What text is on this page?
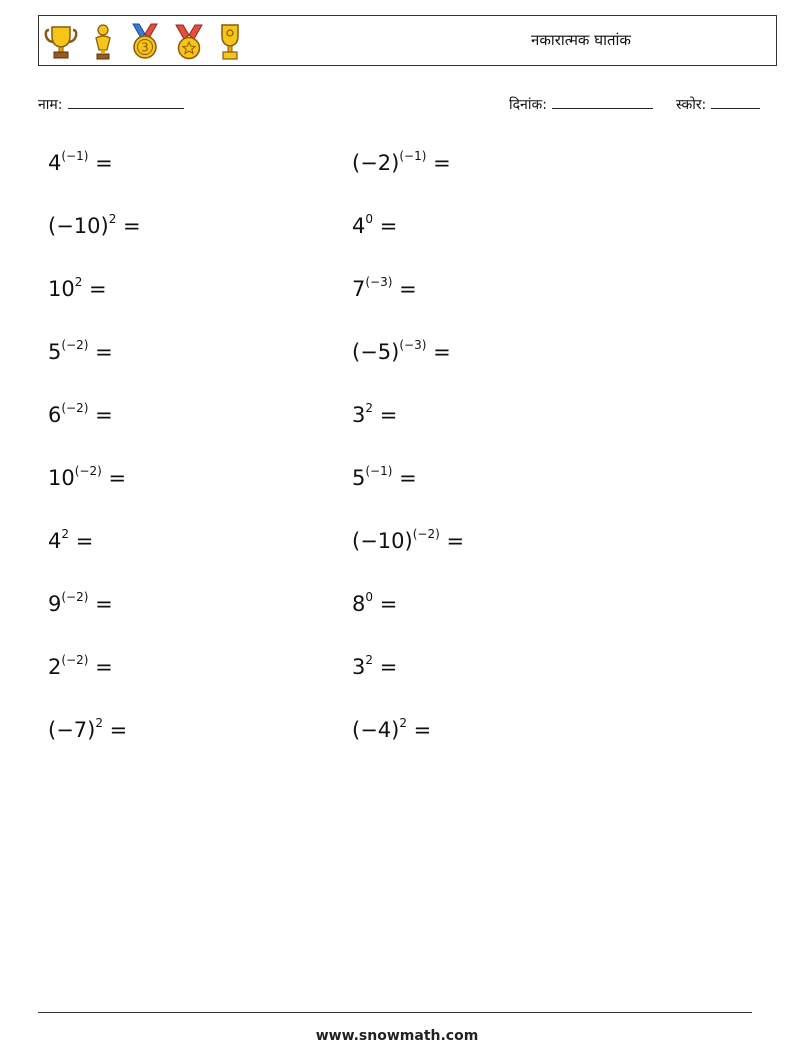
3	नकारात्मक घातांक
नाम:	दिनांक:	स्कोर:
$4^{(-1)}$ =	$(-2)^{(-1)}$ =
$(-10)^2$ =	$4^0$ =
$10^2$ =	$7^{(-3)}$ =
$5^{(-2)}$ =	$(-5)^{(-3)}$ =
$6^{(-2)}$ =	$3^2$ =
$10^{(-2)}$ =	$5^{(-1)}$ =
$4^2$ =	$(-10)^{(-2)}$ =
$9^{(-2)}$ =	$8^0$ =
$2^{(-2)}$ =	$3^2$ =
$(-7)^2$ =	$(-4)^2$ =
www.snowmath.com
